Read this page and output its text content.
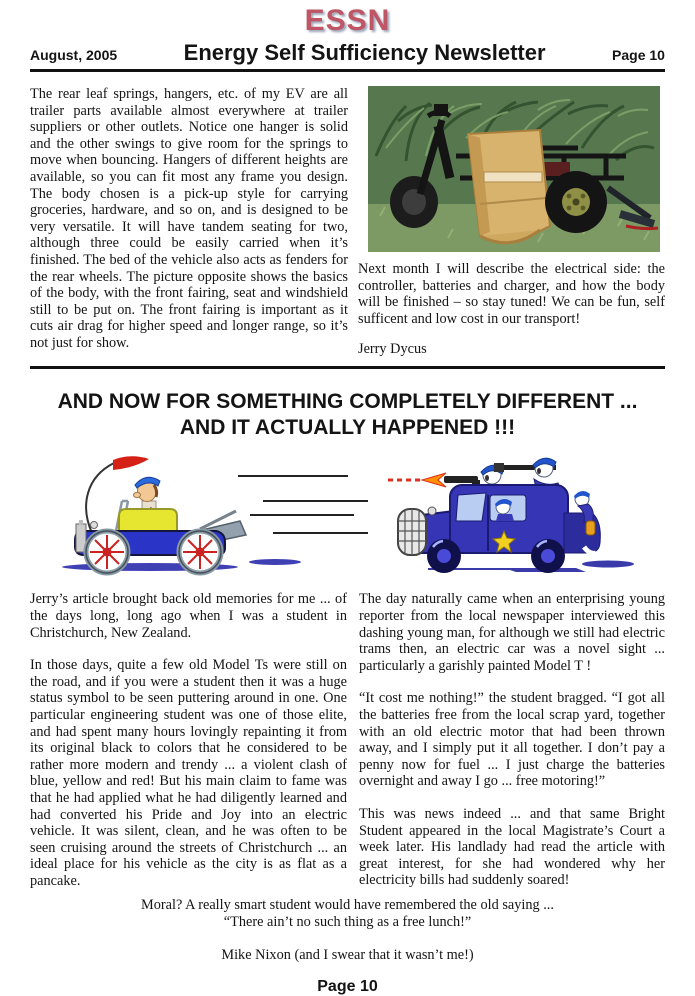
ESSN
August, 2005	Energy Self Sufficiency Newsletter	Page 10
The rear leaf springs, hangers, etc. of my EV are all trailer parts available almost everywhere at trailer suppliers or other outlets. Notice one hanger is solid and the other swings to give room for the springs to move when bouncing. Hangers of different heights are available, so you can fit most any frame you design. The body chosen is a pick-up style for carrying groceries, hardware, and so on, and is designed to be very versatile. It will have tandem seating for two, although three could be easily carried when it’s finished. The bed of the vehicle also acts as fenders for the rear wheels. The picture opposite shows the basics of the body, with the front fairing, seat and windshield still to be put on. The front fairing is important as it cuts air drag for higher speed and longer range, so it’s not just for show.
Next month I will describe the electrical side: the controller, batteries and charger, and how the body will be finished – so stay tuned! We can be fun, self sufficent and low cost in our transport!
Jerry Dycus
AND NOW FOR SOMETHING COMPLETELY DIFFERENT ...
AND IT ACTUALLY HAPPENED !!!

Jerry’s article brought back old memories for me ... of the days long, long ago when I was a student in Christchurch, New Zealand.

In those days, quite a few old Model Ts were still on the road, and if you were a student then it was a huge status symbol to be seen puttering around in one. One particular engineering student was one of those elite, and had spent many hours lovingly repainting it from its original black to colors that he considered to be rather more modern and trendy ... a violent clash of blue, yellow and red! But his main claim to fame was that he had applied what he had diligently learned and had converted his Pride and Joy into an electric vehicle. It was silent, clean, and he was often to be seen cruising around the streets of Christchurch ... an ideal place for his vehicle as the city is as flat as a pancake.

The day naturally came when an enterprising young reporter from the local newspaper interviewed this dashing young man, for although we still had electric trams then, an electric car was a novel sight ... particularly a garishly painted Model T !

“It cost me nothing!” the student bragged. “I got all the batteries free from the local scrap yard, together with an old electric motor that had been thrown away, and I simply put it all together. I don’t pay a penny now for fuel ... I just charge the batteries overnight and away I go ... free motoring!”

This was news indeed ... and that same Bright Student appeared in the local Magistrate’s Court a week later. His landlady had read the article with great interest, for she had wondered why her electricity bills had suddenly soared!

Moral? A really smart student would have remembered the old saying ...
“There ain’t no such thing as a free lunch!”
Mike Nixon (and I swear that it wasn’t me!)
Page 10
